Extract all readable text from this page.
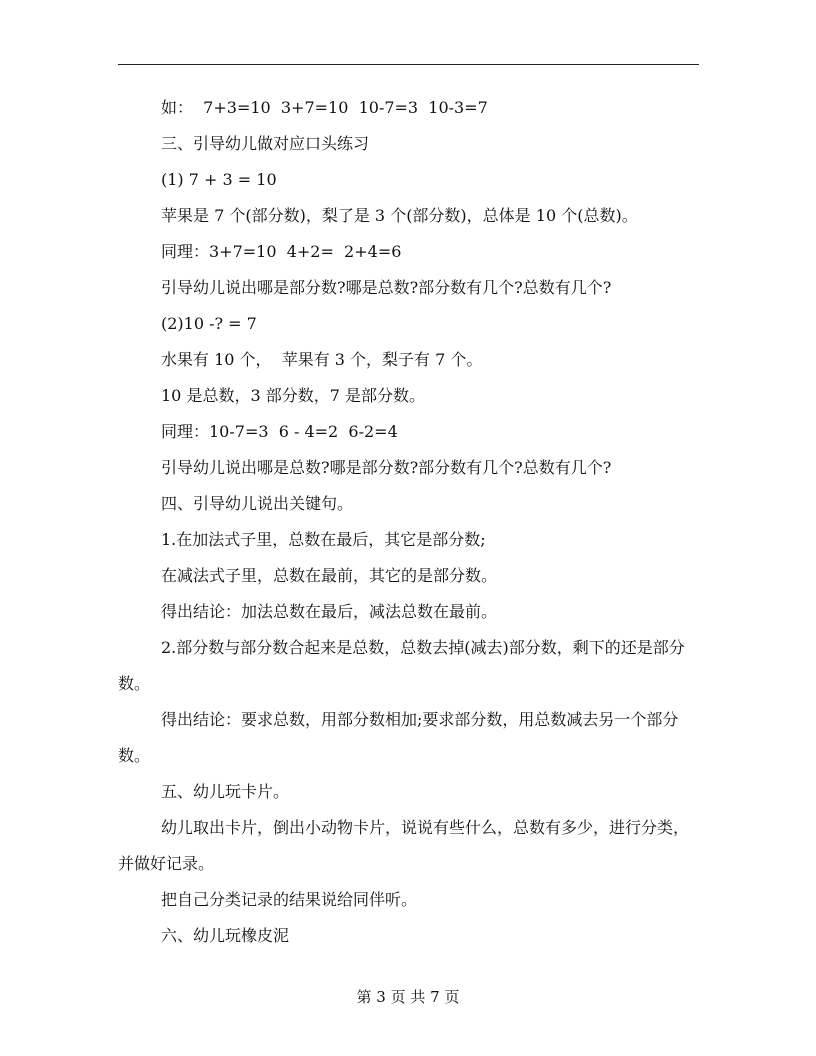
如：  7+3=10  3+7=10  10-7=3  10-3=7
三、引导幼儿做对应口头练习
(1) 7 + 3 = 10
苹果是 7 个(部分数)，梨了是 3 个(部分数)，总体是 10 个(总数)。
同理：3+7=10  4+2=  2+4=6
引导幼儿说出哪是部分数?哪是总数?部分数有几个?总数有几个?
(2)10 -? = 7
水果有 10 个，  苹果有 3 个，梨子有 7 个。
10 是总数，3 部分数，7 是部分数。
同理：10-7=3  6 - 4=2  6-2=4
引导幼儿说出哪是总数?哪是部分数?部分数有几个?总数有几个?
四、引导幼儿说出关键句。
1.在加法式子里，总数在最后，其它是部分数;
在减法式子里，总数在最前，其它的是部分数。
得出结论：加法总数在最后，减法总数在最前。
2.部分数与部分数合起来是总数，总数去掉(减去)部分数，剩下的还是部分数。
得出结论：要求总数，用部分数相加;要求部分数，用总数减去另一个部分数。
五、幼儿玩卡片。
幼儿取出卡片，倒出小动物卡片，说说有些什么，总数有多少，进行分类，并做好记录。
把自己分类记录的结果说给同伴听。
六、幼儿玩橡皮泥
第 3 页 共 7 页
